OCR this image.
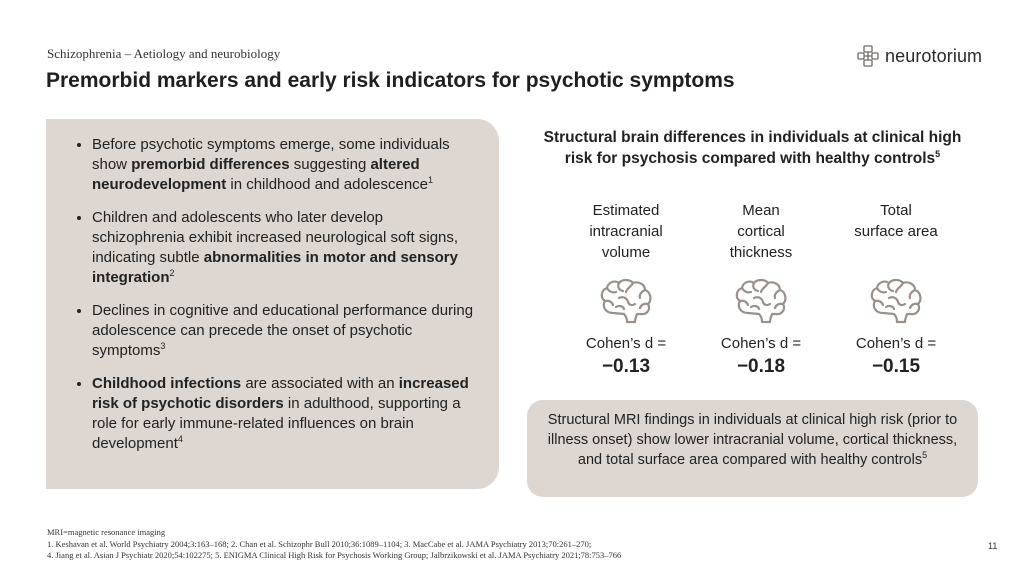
Schizophrenia – Aetiology and neurobiology
Premorbid markers and early risk indicators for psychotic symptoms
neurotorium
• Before psychotic symptoms emerge, some individuals show premorbid differences suggesting altered neurodevelopment in childhood and adolescence$^1$
• Children and adolescents who later develop schizophrenia exhibit increased neurological soft signs, indicating subtle abnormalities in motor and sensory integration$^2$
• Declines in cognitive and educational performance during adolescence can precede the onset of psychotic symptoms$^3$
• Childhood infections are associated with an increased risk of psychotic disorders in adulthood, supporting a role for early immune-related influences on brain development$^4$
Structural brain differences in individuals at clinical high risk for psychosis compared with healthy controls$^5$
Estimated
intracranial
volume
Cohen’s d =
−0.13
Mean
cortical
thickness
Cohen’s d =
−0.18
Total
surface area
Cohen’s d =
−0.15
Structural MRI findings in individuals at clinical high risk (prior to illness onset) show lower intracranial volume, cortical thickness, and total surface area compared with healthy controls$^5$
MRI=magnetic resonance imaging
1. Keshavan et al. World Psychiatry 2004;3:163–168; 2. Chan et al. Schizophr Bull 2010;36:1089–1104; 3. MacCabe et al. JAMA Psychiatry 2013;70:261–270;
4. Jiang et al. Asian J Psychiatr 2020;54:102275; 5. ENIGMA Clinical High Risk for Psychosis Working Group; Jalbrzikowski et al. JAMA Psychiatry 2021;78:753–766
11
